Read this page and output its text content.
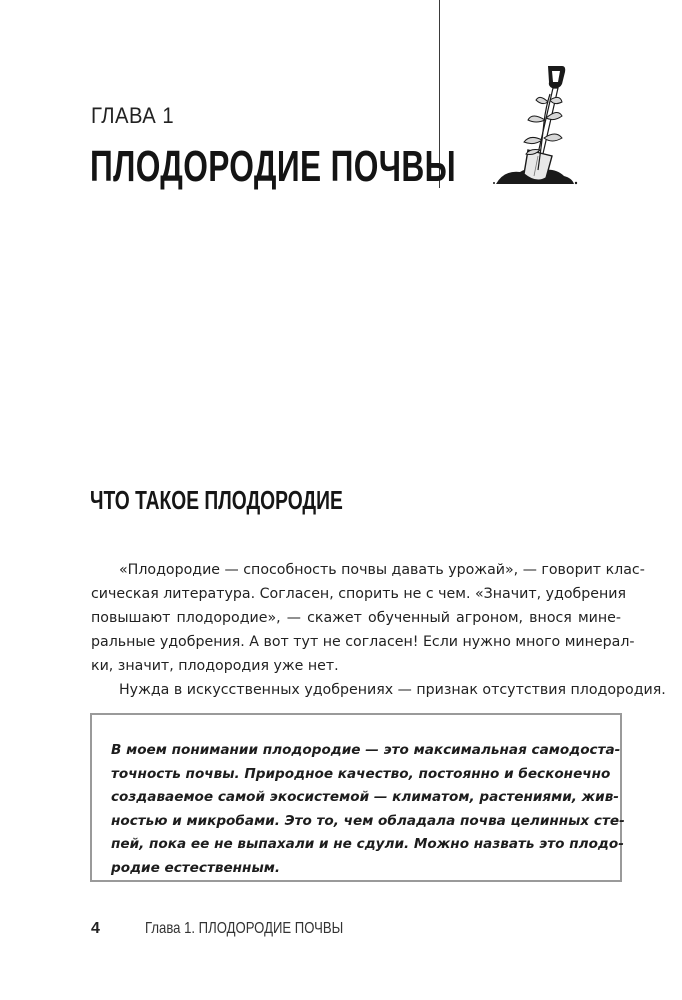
ГЛАВА 1
ПЛОДОРОДИЕ ПОЧВЫ
ЧТО ТАКОЕ ПЛОДОРОДИЕ
«Плодородие — способность почвы давать урожай», — говорит клас-
сическая литература. Согласен, спорить не с чем. «Значит, удобрения
повышают плодородие», — скажет обученный агроном, внося мине-
ральные удобрения. А вот тут не согласен! Если нужно много минерал-
ки, значит, плодородия уже нет.
Нужда в искусственных удобрениях — признак отсутствия плодородия.
В моем понимании плодородие — это максимальная самодоста-
точность почвы. Природное качество, постоянно и бесконечно
создаваемое самой экосистемой — климатом, растениями, жив-
ностью и микробами. Это то, чем обладала почва целинных сте-
пей, пока ее не выпахали и не сдули. Можно назвать это плодо-
родие естественным.
4	Глава 1. ПЛОДОРОДИЕ ПОЧВЫ
